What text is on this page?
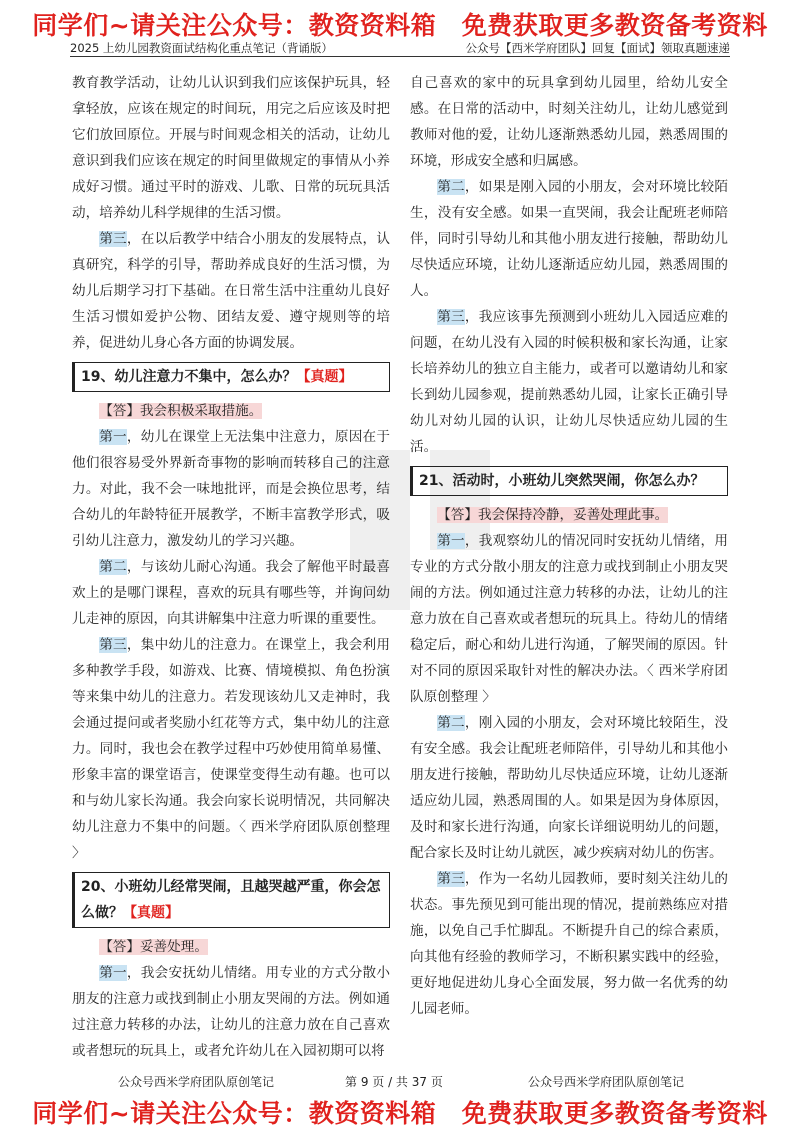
同学们~请关注公众号：教资资料箱　免费获取更多教资备考资料
2025 上幼儿园教资面试结构化重点笔记（背诵版）	公众号【西米学府团队】回复【面试】领取真题速递

教育教学活动，让幼儿认识到我们应该保护玩具，轻拿轻放，应该在规定的时间玩，用完之后应该及时把它们放回原位。开展与时间观念相关的活动，让幼儿意识到我们应该在规定的时间里做规定的事情从小养成好习惯。通过平时的游戏、儿歌、日常的玩玩具活动，培养幼儿科学规律的生活习惯。

第三，在以后教学中结合小朋友的发展特点，认真研究，科学的引导，帮助养成良好的生活习惯，为幼儿后期学习打下基础。在日常生活中注重幼儿良好生活习惯如爱护公物、团结友爱、遵守规则等的培养，促进幼儿身心各方面的协调发展。

19、幼儿注意力不集中，怎么办？【真题】

【答】我会积极采取措施。

第一，幼儿在课堂上无法集中注意力，原因在于他们很容易受外界新奇事物的影响而转移自己的注意力。对此，我不会一味地批评，而是会换位思考，结合幼儿的年龄特征开展教学，不断丰富教学形式，吸引幼儿注意力，激发幼儿的学习兴趣。

第二，与该幼儿耐心沟通。我会了解他平时最喜欢上的是哪门课程，喜欢的玩具有哪些等，并询问幼儿走神的原因，向其讲解集中注意力听课的重要性。

第三，集中幼儿的注意力。在课堂上，我会利用多种教学手段，如游戏、比赛、情境模拟、角色扮演等来集中幼儿的注意力。若发现该幼儿又走神时，我会通过提问或者奖励小红花等方式，集中幼儿的注意力。同时，我也会在教学过程中巧妙使用简单易懂、形象丰富的课堂语言，使课堂变得生动有趣。也可以和与幼儿家长沟通。我会向家长说明情况，共同解决幼儿注意力不集中的问题。〈 西米学府团队原创整理 〉

20、小班幼儿经常哭闹，且越哭越严重，你会怎么做？【真题】

【答】妥善处理。

第一，我会安抚幼儿情绪。用专业的方式分散小朋友的注意力或找到制止小朋友哭闹的方法。例如通过注意力转移的办法，让幼儿的注意力放在自己喜欢或者想玩的玩具上，或者允许幼儿在入园初期可以将

自己喜欢的家中的玩具拿到幼儿园里，给幼儿安全感。在日常的活动中，时刻关注幼儿，让幼儿感觉到教师对他的爱，让幼儿逐渐熟悉幼儿园，熟悉周围的环境，形成安全感和归属感。

第二，如果是刚入园的小朋友，会对环境比较陌生，没有安全感。如果一直哭闹，我会让配班老师陪伴，同时引导幼儿和其他小朋友进行接触，帮助幼儿尽快适应环境，让幼儿逐渐适应幼儿园，熟悉周围的人。

第三，我应该事先预测到小班幼儿入园适应难的问题，在幼儿没有入园的时候积极和家长沟通，让家长培养幼儿的独立自主能力，或者可以邀请幼儿和家长到幼儿园参观，提前熟悉幼儿园，让家长正确引导幼儿对幼儿园的认识，让幼儿尽快适应幼儿园的生活。

21、活动时，小班幼儿突然哭闹，你怎么办？

【答】我会保持冷静，妥善处理此事。

第一，我观察幼儿的情况同时安抚幼儿情绪，用专业的方式分散小朋友的注意力或找到制止小朋友哭闹的方法。例如通过注意力转移的办法，让幼儿的注意力放在自己喜欢或者想玩的玩具上。待幼儿的情绪稳定后，耐心和幼儿进行沟通，了解哭闹的原因。针对不同的原因采取针对性的解决办法。〈 西米学府团队原创整理 〉

第二，刚入园的小朋友，会对环境比较陌生，没有安全感。我会让配班老师陪伴，引导幼儿和其他小朋友进行接触，帮助幼儿尽快适应环境，让幼儿逐渐适应幼儿园，熟悉周围的人。如果是因为身体原因，及时和家长进行沟通，向家长详细说明幼儿的问题，配合家长及时让幼儿就医，减少疾病对幼儿的伤害。

第三，作为一名幼儿园教师，要时刻关注幼儿的状态。事先预见到可能出现的情况，提前熟练应对措施，以免自己手忙脚乱。不断提升自己的综合素质，向其他有经验的教师学习，不断积累实践中的经验，更好地促进幼儿身心全面发展，努力做一名优秀的幼儿园老师。

公众号西米学府团队原创笔记	第 9 页 / 共 37 页	公众号西米学府团队原创笔记
同学们~请关注公众号：教资资料箱　免费获取更多教资备考资料
